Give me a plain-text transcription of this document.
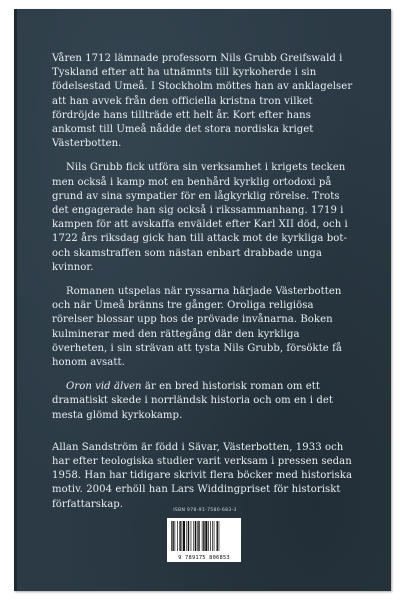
Våren 1712 lämnade professorn Nils Grubb Greifswald i Tyskland efter att ha utnämnts till kyrkoherde i sin födelsestad Umeå. I Stockholm möttes han av anklagelser att han avvek från den officiella kristna tron vilket fördröjde hans tillträde ett helt år. Kort efter hans ankomst till Umeå nådde det stora nordiska kriget Västerbotten.

Nils Grubb fick utföra sin verksamhet i krigets tecken men också i kamp mot en benhård kyrklig ortodoxi på grund av sina sympatier för en lågkyrklig rörelse. Trots det engagerade han sig också i rikssammanhang. 1719 i kampen för att avskaffa enväldet efter Karl XII död, och i 1722 års riksdag gick han till attack mot de kyrkliga bot- och skamstraffen som nästan enbart drabbade unga kvinnor.

Romanen utspelas när ryssarna härjade Västerbotten och när Umeå bränns tre gånger. Oroliga religiösa rörelser blossar upp hos de prövade invånarna. Boken kulminerar med den rättegång där den kyrkliga överheten, i sin strävan att tysta Nils Grubb, försökte få honom avsatt.

Oron vid älven är en bred historisk roman om ett dramatiskt skede i norrländsk historia och om en i det mesta glömd kyrkokamp.

Allan Sandström är född i Sävar, Västerbotten, 1933 och har efter teologiska studier varit verksam i pressen sedan 1958. Han har tidigare skrivit flera böcker med historiska motiv. 2004 erhöll han Lars Widdingpriset för historiskt författarskap.

ISBN 978-91-7580-683-3
9 789175 806853
